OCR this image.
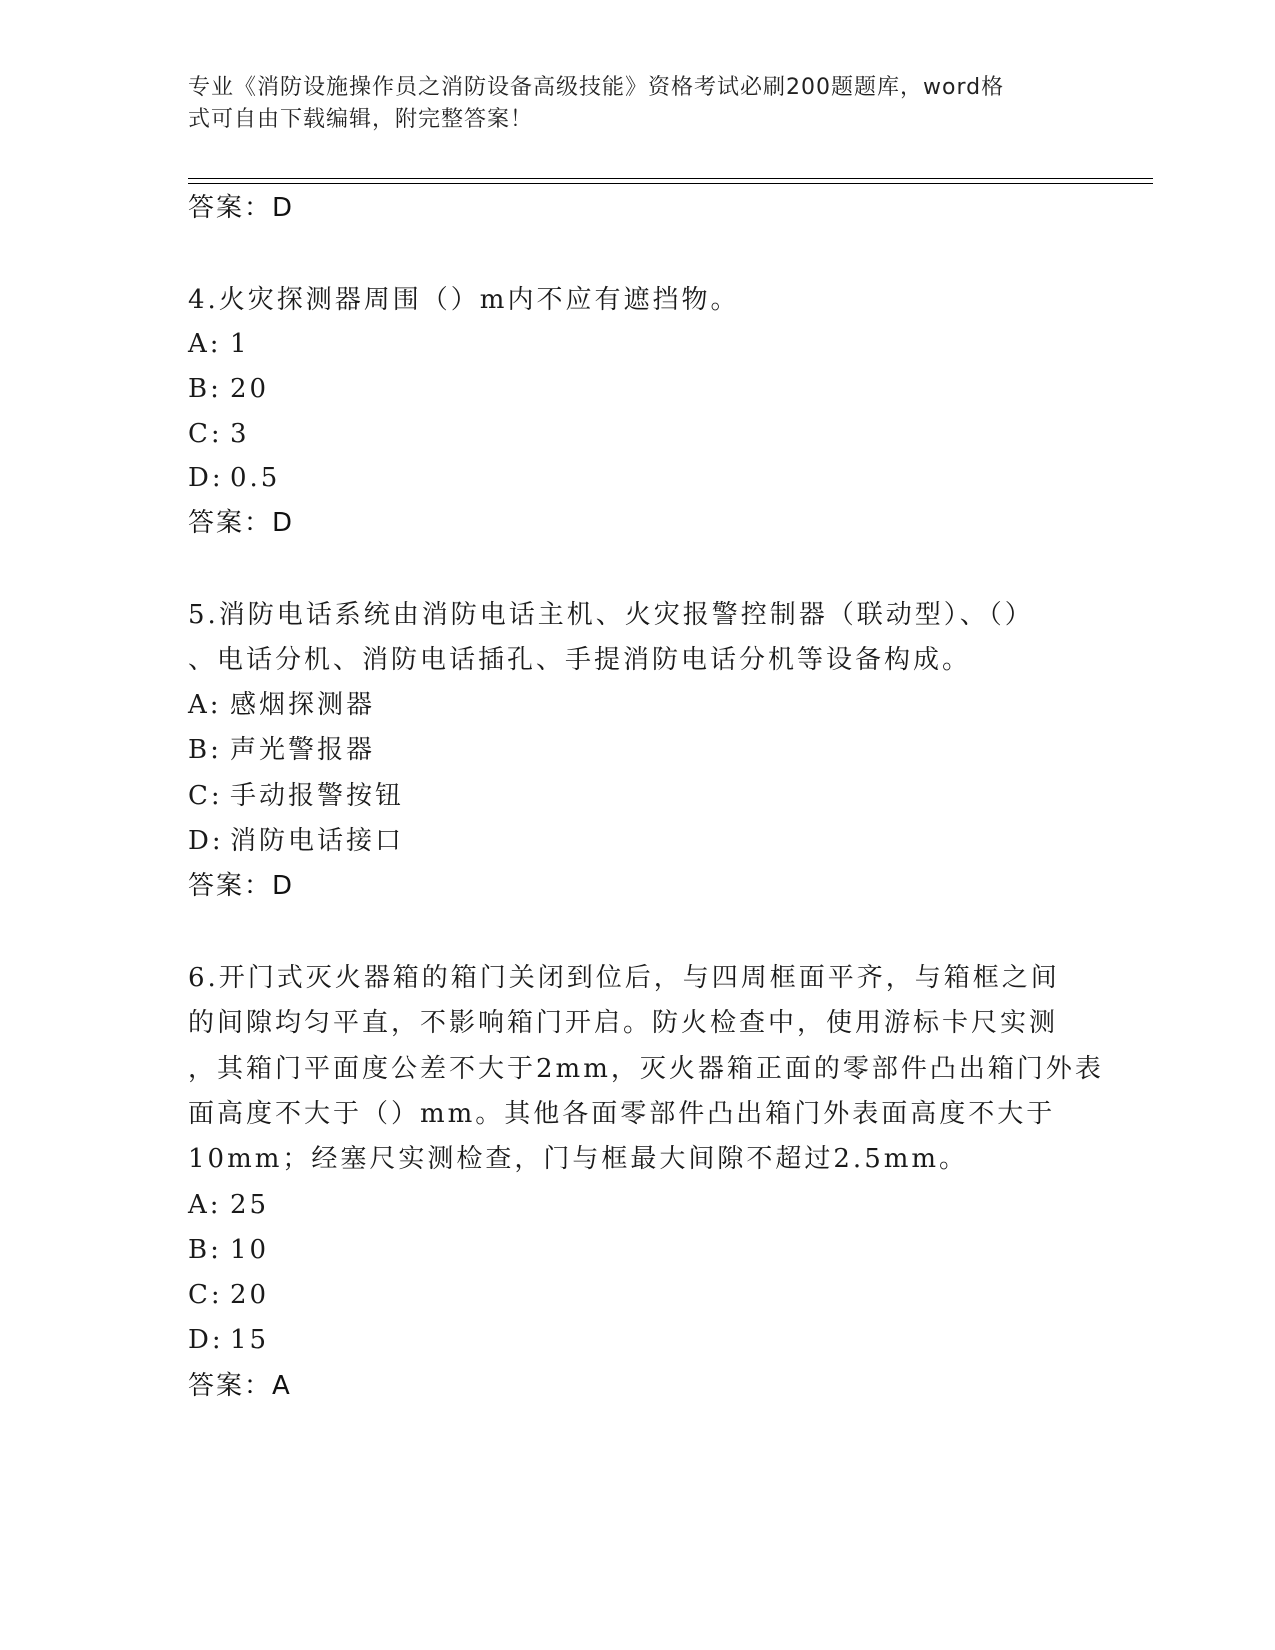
专业《消防设施操作员之消防设备高级技能》资格考试必刷200题题库，word格
式可自由下载编辑，附完整答案！
答案：D
4.火灾探测器周围（）m内不应有遮挡物。
A: 1
B: 20
C: 3
D: 0.5
答案：D
5.消防电话系统由消防电话主机、火灾报警控制器（联动型）、（）
、电话分机、消防电话插孔、手提消防电话分机等设备构成。
A: 感烟探测器
B: 声光警报器
C: 手动报警按钮
D: 消防电话接口
答案：D
6.开门式灭火器箱的箱门关闭到位后，与四周框面平齐，与箱框之间
的间隙均匀平直，不影响箱门开启。防火检查中，使用游标卡尺实测
，其箱门平面度公差不大于2mm，灭火器箱正面的零部件凸出箱门外表
面高度不大于（）mm。其他各面零部件凸出箱门外表面高度不大于
10mm；经塞尺实测检查，门与框最大间隙不超过2.5mm。
A: 25
B: 10
C: 20
D: 15
答案：A
